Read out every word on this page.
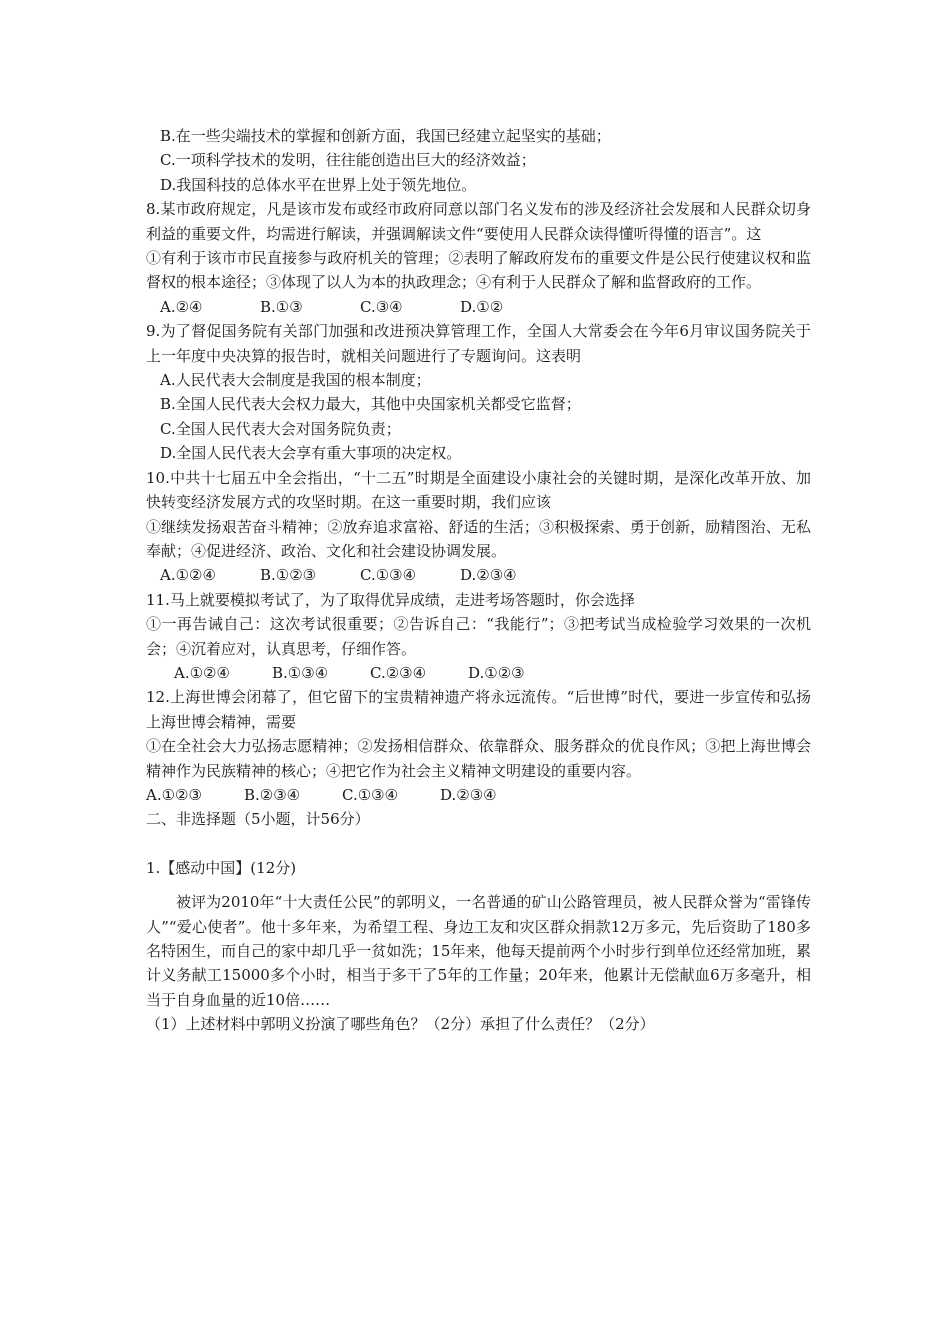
B.在一些尖端技术的掌握和创新方面，我国已经建立起坚实的基础；
C.一项科学技术的发明，往往能创造出巨大的经济效益；
D.我国科技的总体水平在世界上处于领先地位。
8.某市政府规定，凡是该市发布或经市政府同意以部门名义发布的涉及经济社会发展和人民群众切身利益的重要文件，均需进行解读，并强调解读文件“要使用人民群众读得懂听得懂的语言”。这
①有利于该市市民直接参与政府机关的管理；②表明了解政府发布的重要文件是公民行使建议权和监督权的根本途径；③体现了以人为本的执政理念；④有利于人民群众了解和监督政府的工作。
A.②④	B.①③	C.③④	D.①②
9.为了督促国务院有关部门加强和改进预决算管理工作，全国人大常委会在今年6月审议国务院关于上一年度中央决算的报告时，就相关问题进行了专题询问。这表明
A.人民代表大会制度是我国的根本制度；
B.全国人民代表大会权力最大，其他中央国家机关都受它监督；
C.全国人民代表大会对国务院负责；
D.全国人民代表大会享有重大事项的决定权。
10.中共十七届五中全会指出，“十二五”时期是全面建设小康社会的关键时期，是深化改革开放、加快转变经济发展方式的攻坚时期。在这一重要时期，我们应该
①继续发扬艰苦奋斗精神；②放弃追求富裕、舒适的生活；③积极探索、勇于创新，励精图治、无私奉献；④促进经济、政治、文化和社会建设协调发展。
A.①②④	B.①②③	C.①③④	D.②③④
11.马上就要模拟考试了，为了取得优异成绩，走进考场答题时，你会选择
①一再告诫自己：这次考试很重要；②告诉自己：“我能行”；③把考试当成检验学习效果的一次机会；④沉着应对，认真思考，仔细作答。
A.①②④	B.①③④	C.②③④	D.①②③
12.上海世博会闭幕了，但它留下的宝贵精神遗产将永远流传。“后世博”时代，要进一步宣传和弘扬上海世博会精神，需要
①在全社会大力弘扬志愿精神；②发扬相信群众、依靠群众、服务群众的优良作风；③把上海世博会精神作为民族精神的核心；④把它作为社会主义精神文明建设的重要内容。
A.①②③	B.②③④	C.①③④	D.②③④
二、非选择题（5小题，计56分）
1.【感动中国】(12分)
被评为2010年“十大责任公民”的郭明义，一名普通的矿山公路管理员，被人民群众誉为“雷锋传人”“爱心使者”。他十多年来，为希望工程、身边工友和灾区群众捐款12万多元，先后资助了180多名特困生，而自己的家中却几乎一贫如洗；15年来，他每天提前两个小时步行到单位还经常加班，累计义务献工15000多个小时，相当于多干了5年的工作量；20年来，他累计无偿献血6万多毫升，相当于自身血量的近10倍……
（1）上述材料中郭明义扮演了哪些角色？（2分）承担了什么责任？（2分）
